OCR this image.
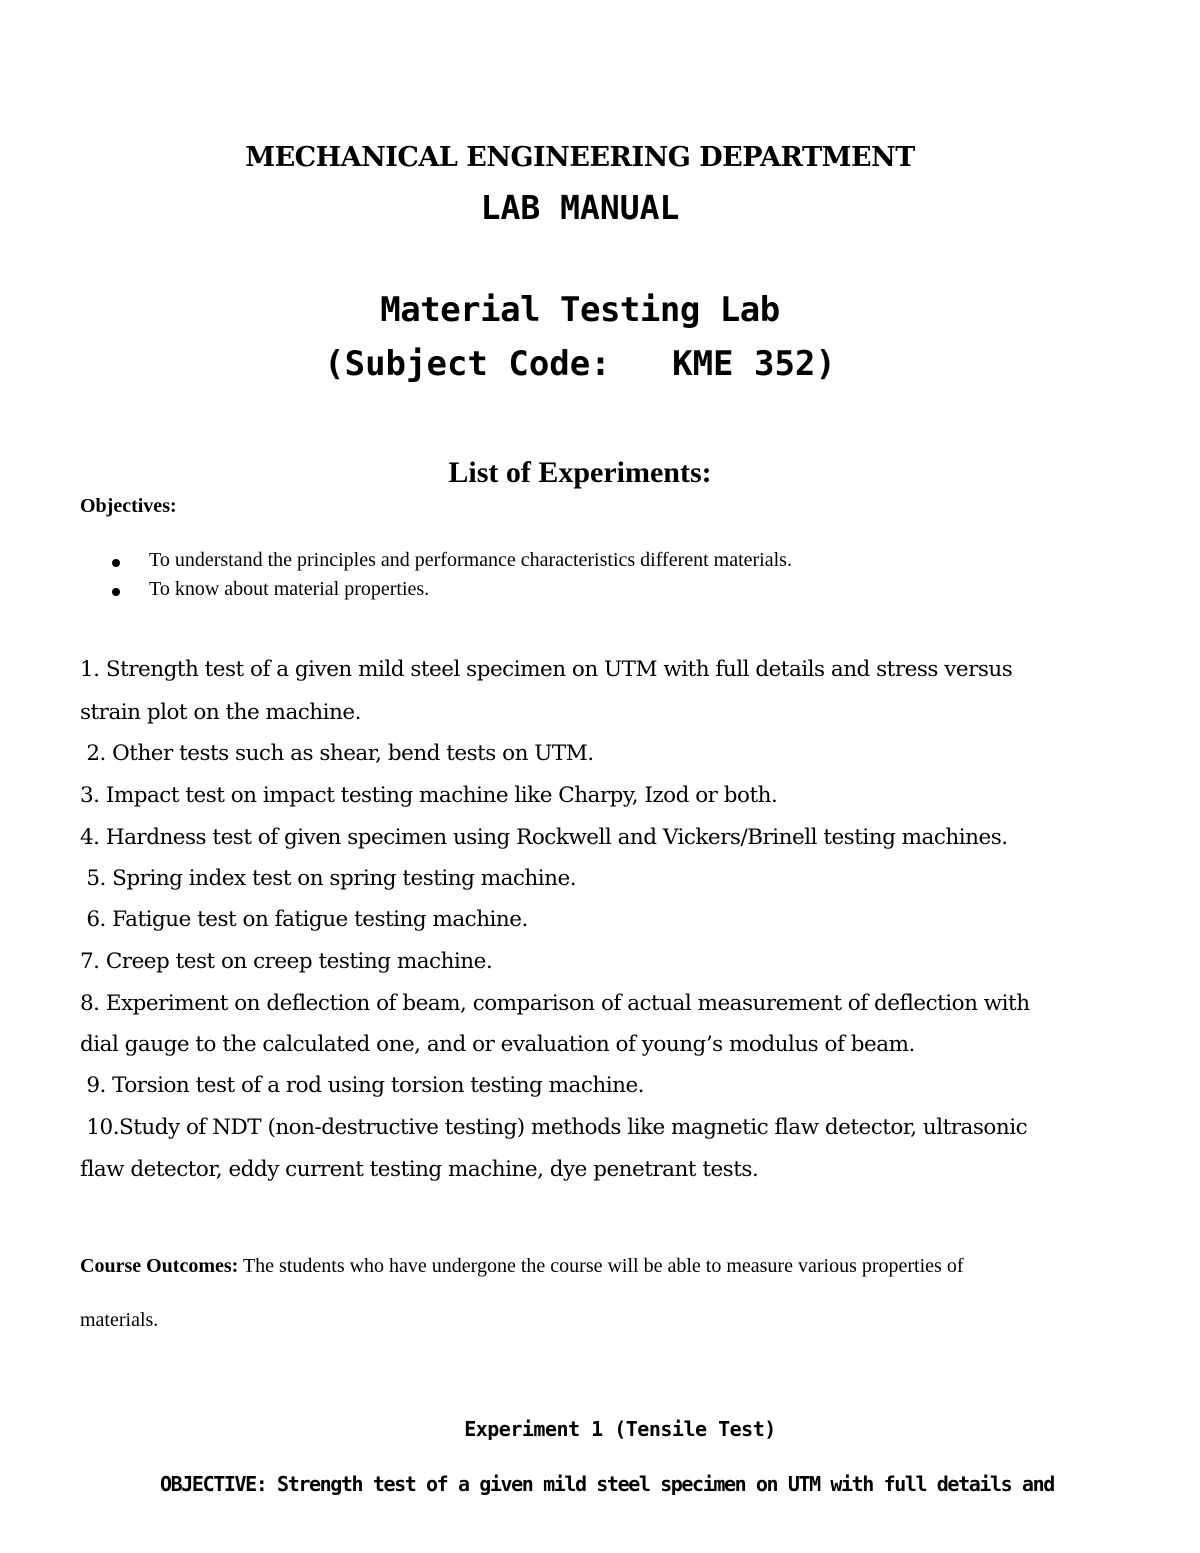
MECHANICAL ENGINEERING DEPARTMENT
LAB MANUAL
Material Testing Lab
(Subject Code:   KME 352)
List of Experiments:
Objectives:
To understand the principles and performance characteristics different materials.
To know about material properties.
1. Strength test of a given mild steel specimen on UTM with full details and stress versus
strain plot on the machine.
2. Other tests such as shear, bend tests on UTM.
3. Impact test on impact testing machine like Charpy, Izod or both.
4. Hardness test of given specimen using Rockwell and Vickers/Brinell testing machines.
5. Spring index test on spring testing machine.
6. Fatigue test on fatigue testing machine.
7. Creep test on creep testing machine.
8. Experiment on deflection of beam, comparison of actual measurement of deflection with
dial gauge to the calculated one, and or evaluation of young’s modulus of beam.
9. Torsion test of a rod using torsion testing machine.
10.Study of NDT (non-destructive testing) methods like magnetic flaw detector, ultrasonic
flaw detector, eddy current testing machine, dye penetrant tests.
Course Outcomes: The students who have undergone the course will be able to measure various properties of
materials.
Experiment 1 (Tensile Test)
OBJECTIVE: Strength test of a given mild steel specimen on UTM with full details and
